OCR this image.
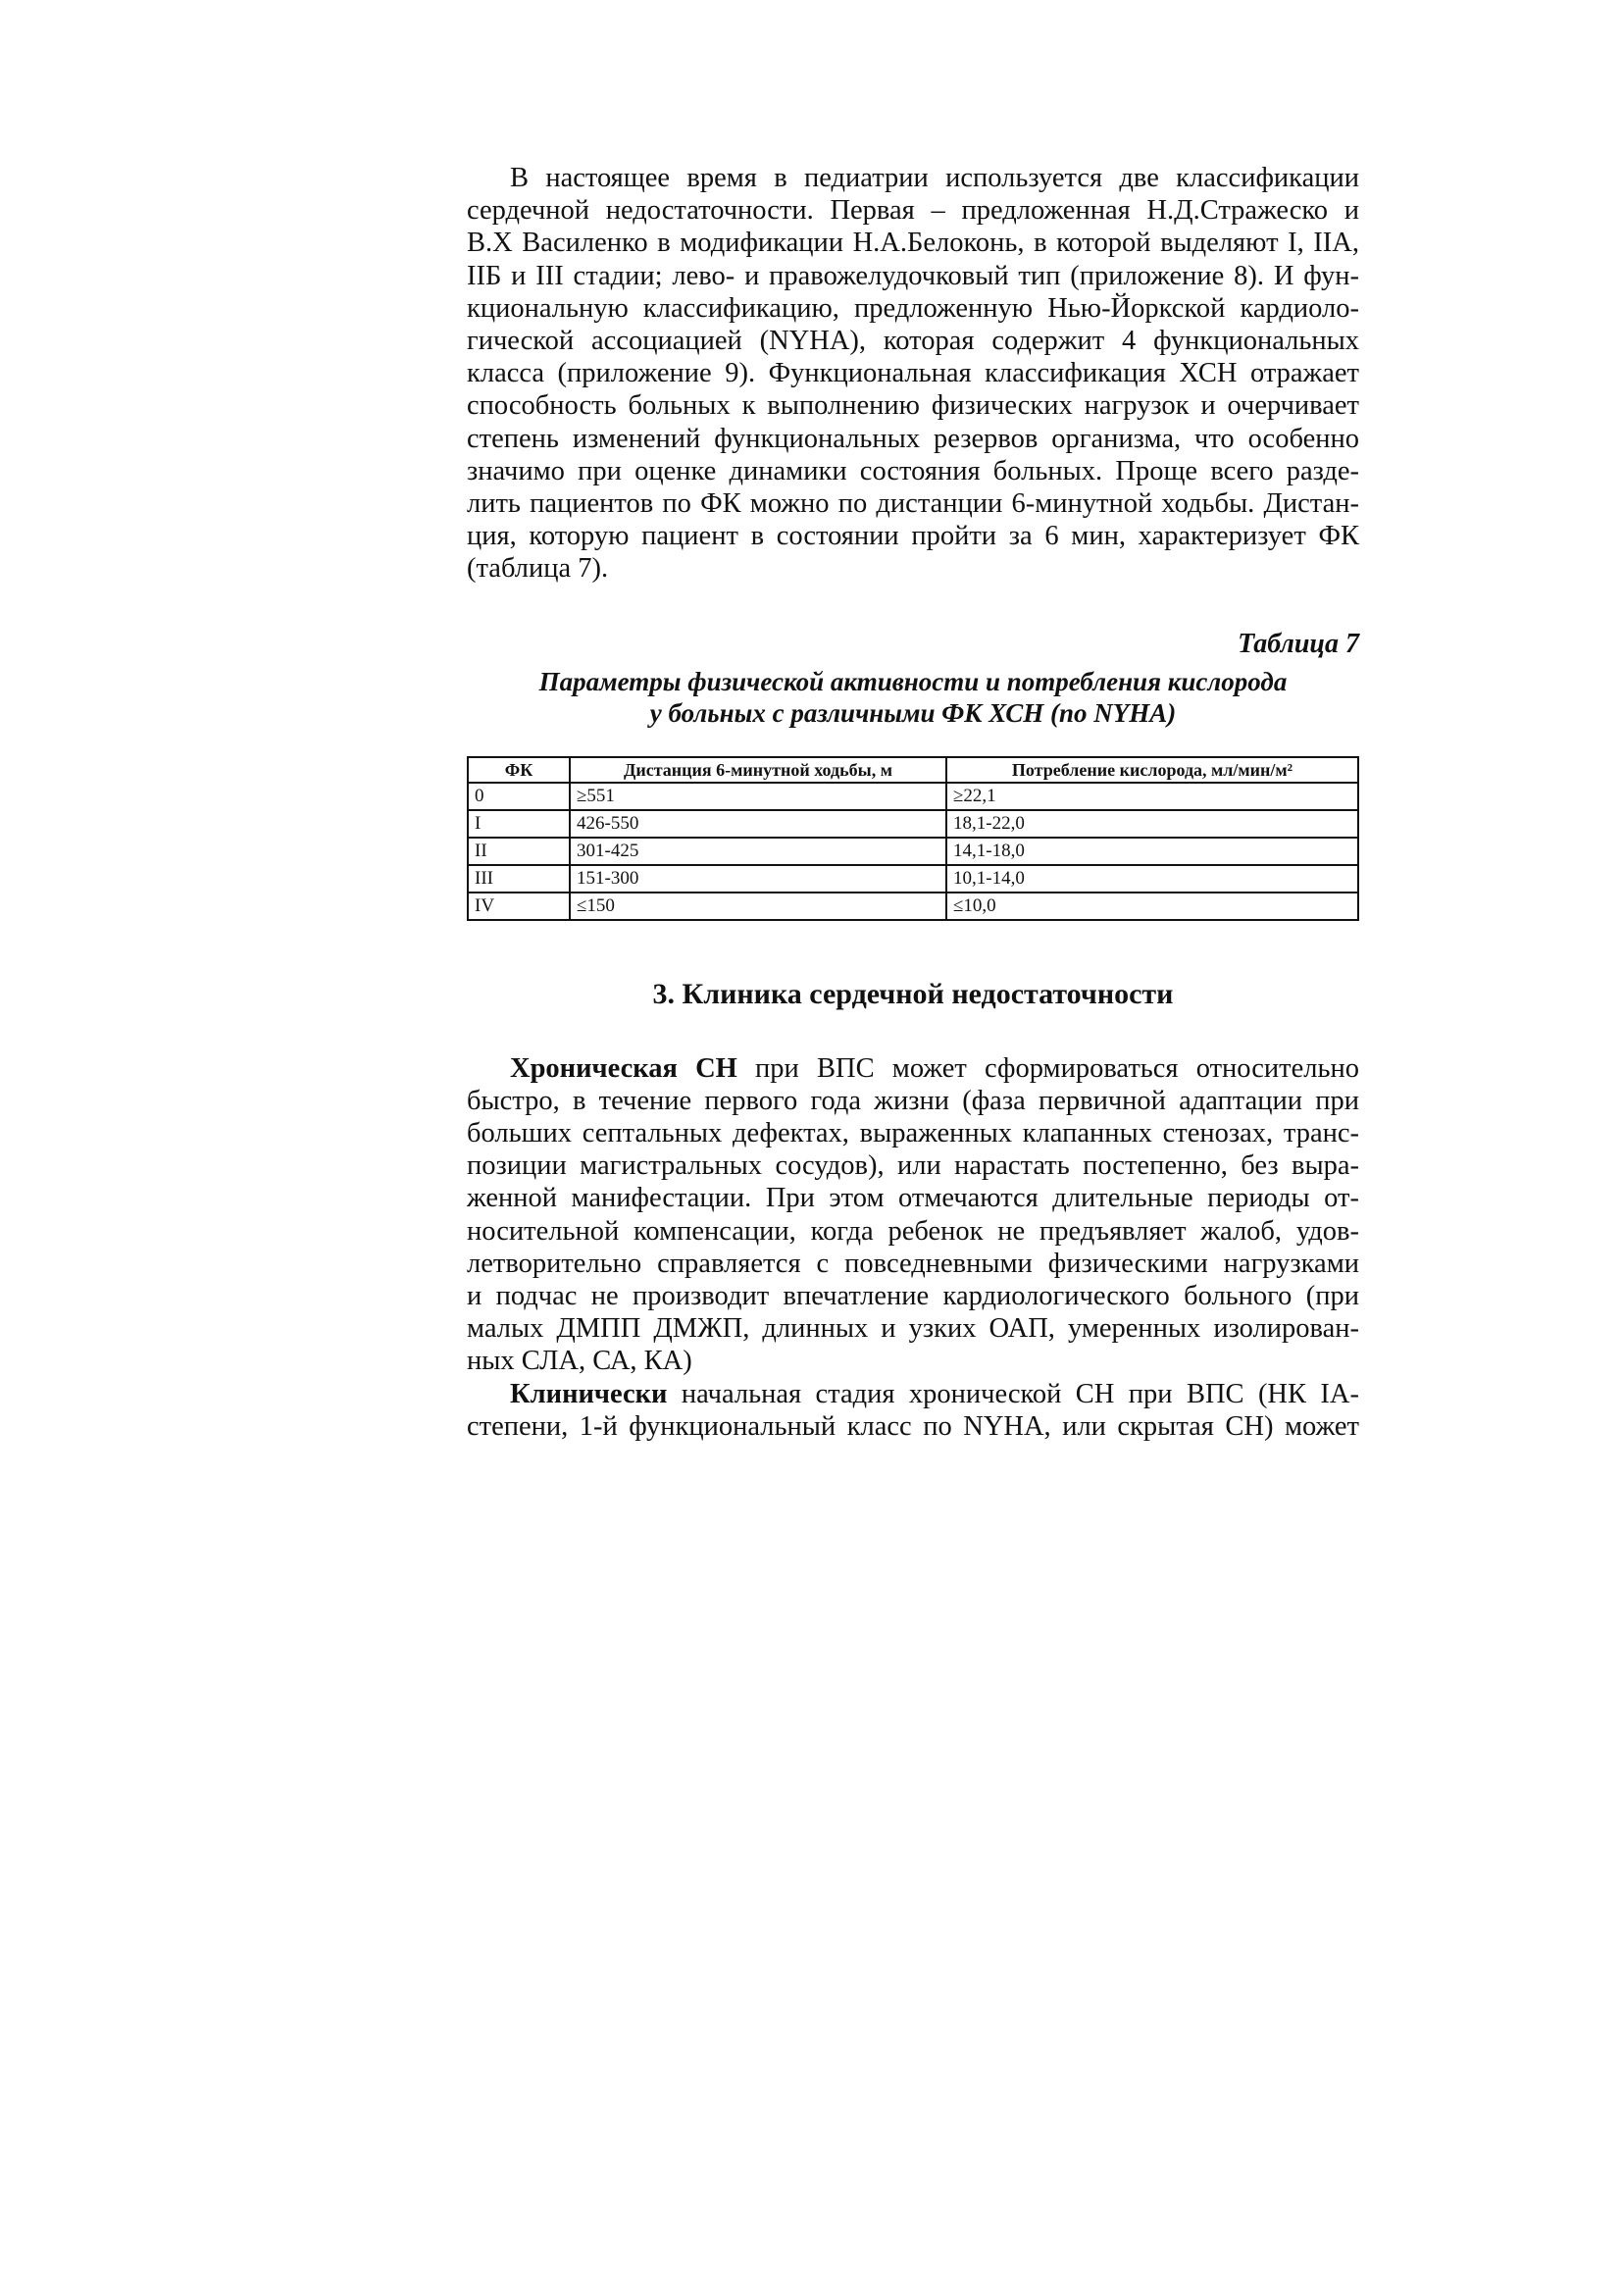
В настоящее время в педиатрии используется две классификации
сердечной недостаточности. Первая – предложенная Н.Д.Стражеско и
В.Х Василенко в модификации Н.А.Белоконь, в которой выделяют I, IIА,
IIБ и III стадии; лево- и правожелудочковый тип (приложение 8). И фун-
кциональную классификацию, предложенную Нью-Йоркской кардиоло-
гической ассоциацией (NYHA), которая содержит 4 функциональных
класса (приложение 9). Функциональная классификация ХСН отражает
способность больных к выполнению физических нагрузок и очерчивает
степень изменений функциональных резервов организма, что особенно
значимо при оценке динамики состояния больных. Проще всего разде-
лить пациентов по ФК можно по дистанции 6-минутной ходьбы. Дистан-
ция, которую пациент в состоянии пройти за 6 мин, характеризует ФК
(таблица 7).
Таблица 7
Параметры физической активности и потребления кислорода
у больных с различными ФК ХСН (по NYHA)
ФК	Дистанция 6-минутной ходьбы, м	Потребление кислорода, мл/мин/м²
0	≥551	≥22,1
I	426-550	18,1-22,0
II	301-425	14,1-18,0
III	151-300	10,1-14,0
IV	≤150	≤10,0
3. Клиника сердечной недостаточности
Хроническая СН при ВПС может сформироваться относительно
быстро, в течение первого года жизни (фаза первичной адаптации при
больших септальных дефектах, выраженных клапанных стенозах, транс-
позиции магистральных сосудов), или нарастать постепенно, без выра-
женной манифестации. При этом отмечаются длительные периоды от-
носительной компенсации, когда ребенок не предъявляет жалоб, удов-
летворительно справляется с повседневными физическими нагрузками
и подчас не производит впечатление кардиологического больного (при
малых ДМПП ДМЖП, длинных и узких ОАП, умеренных изолирован-
ных СЛА, СА, КА)
Клинически начальная стадия хронической СН при ВПС (НК IА-
степени, 1-й функциональный класс по NYHA, или скрытая СН) может
